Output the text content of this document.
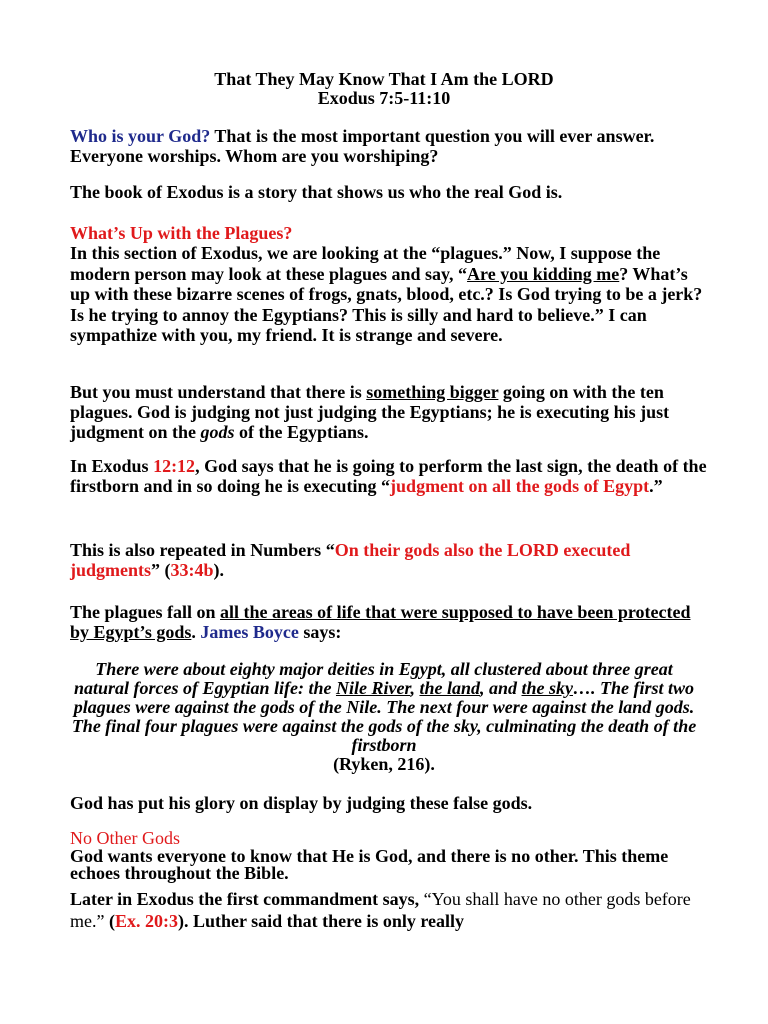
That They May Know That I Am the LORD
Exodus 7:5-11:10

Who is your God? That is the most important question you will ever answer. Everyone worships. Whom are you worshiping?

The book of Exodus is a story that shows us who the real God is.

What’s Up with the Plagues?

In this section of Exodus, we are looking at the “plagues.” Now, I suppose the modern person may look at these plagues and say, “Are you kidding me? What’s up with these bizarre scenes of frogs, gnats, blood, etc.? Is God trying to be a jerk? Is he trying to annoy the Egyptians? This is silly and hard to believe.” I can sympathize with you, my friend. It is strange and severe.

But you must understand that there is something bigger going on with the ten plagues. God is judging not just judging the Egyptians; he is executing his just judgment on the gods of the Egyptians.

In Exodus 12:12, God says that he is going to perform the last sign, the death of the firstborn and in so doing he is executing “judgment on all the gods of Egypt.”

This is also repeated in Numbers “On their gods also the LORD executed judgments” (33:4b).

The plagues fall on all the areas of life that were supposed to have been protected by Egypt’s gods. James Boyce says:

There were about eighty major deities in Egypt, all clustered about three great natural forces of Egyptian life: the Nile River, the land, and the sky…. The first two plagues were against the gods of the Nile. The next four were against the land gods. The final four plagues were against the gods of the sky, culminating the death of the firstborn
(Ryken, 216).

God has put his glory on display by judging these false gods.

No Other Gods

God wants everyone to know that He is God, and there is no other. This theme echoes throughout the Bible.

Later in Exodus the first commandment says, “You shall have no other gods before me.” (Ex. 20:3). Luther said that there is only really
